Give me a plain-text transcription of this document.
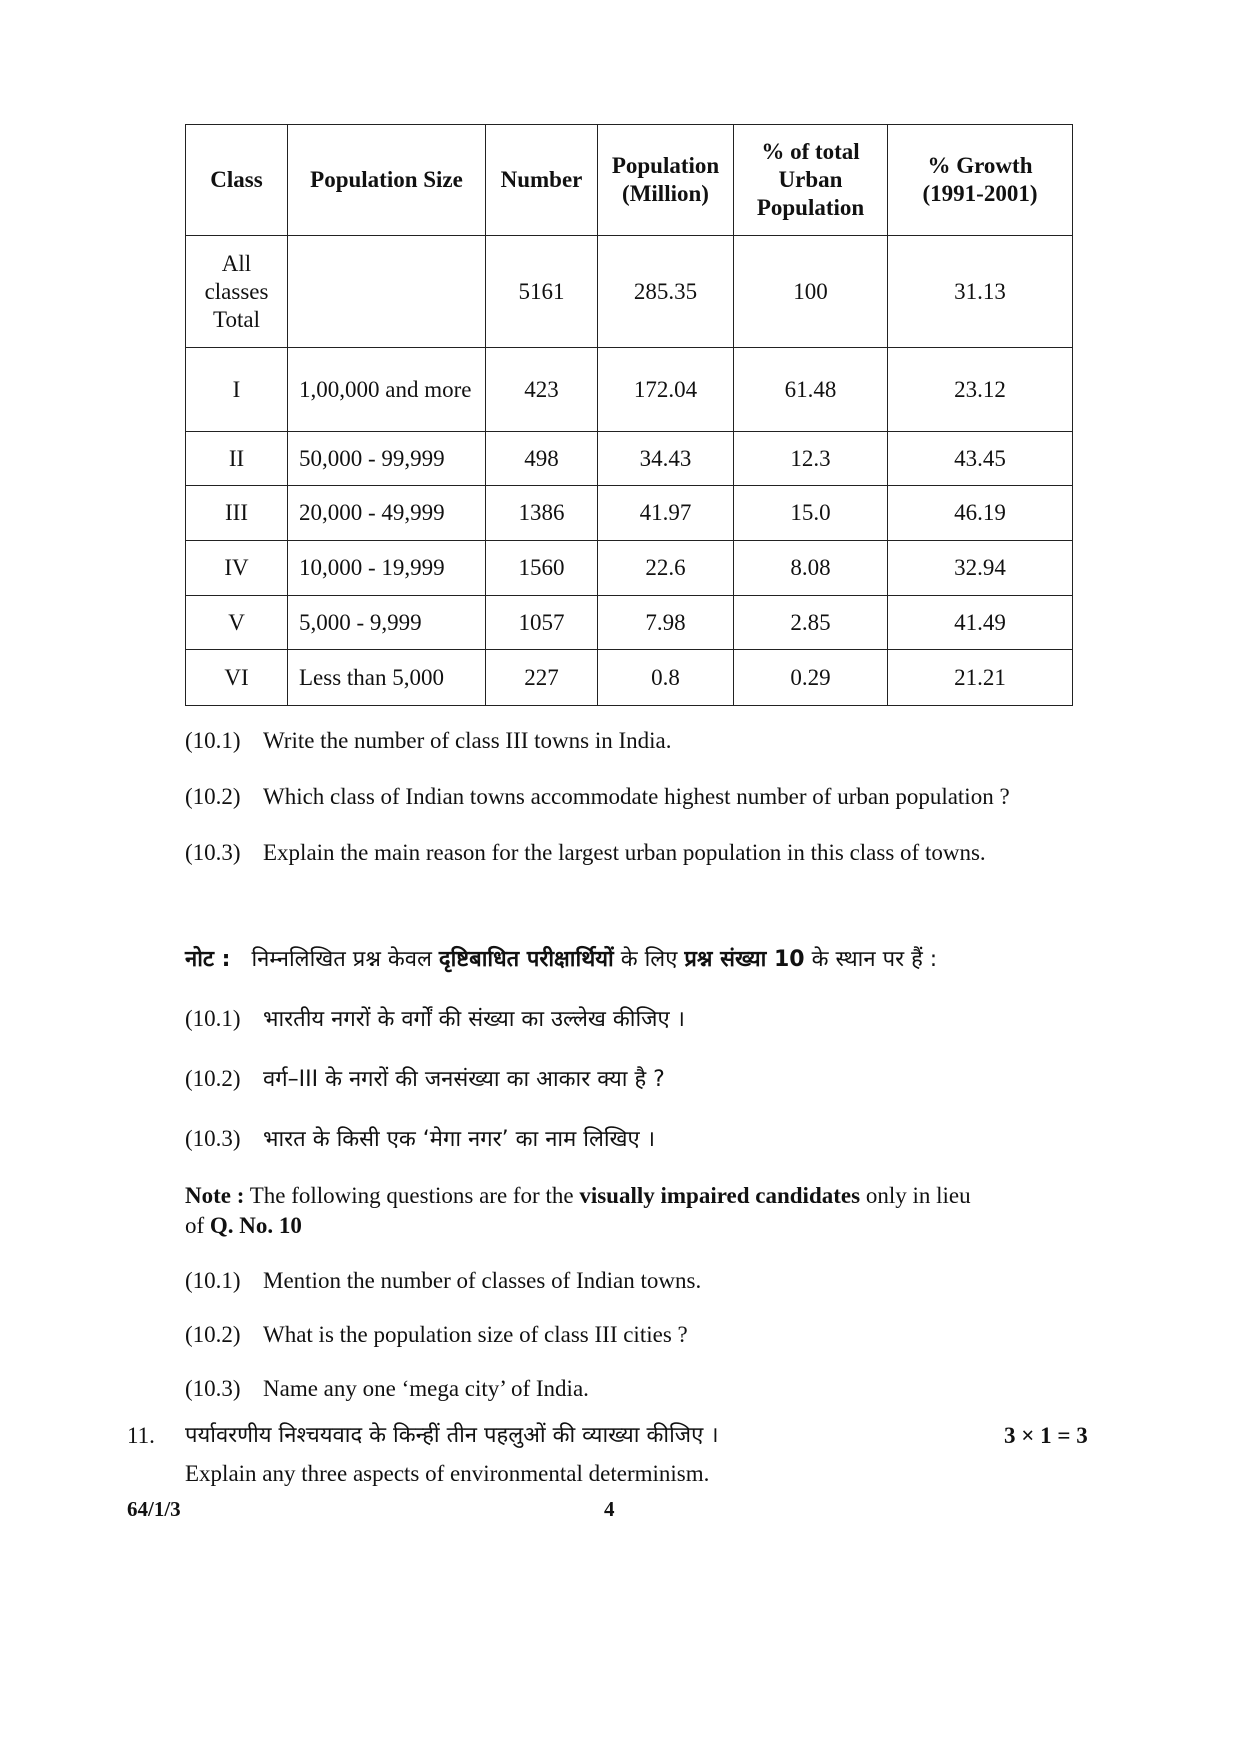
Class	Population Size	Number	Population (Million)	% of total Urban Population	% Growth (1991-2001)
All classes Total		5161	285.35	100	31.13
I	1,00,000 and more	423	172.04	61.48	23.12
II	50,000 - 99,999	498	34.43	12.3	43.45
III	20,000 - 49,999	1386	41.97	15.0	46.19
IV	10,000 - 19,999	1560	22.6	8.08	32.94
V	5,000 - 9,999	1057	7.98	2.85	41.49
VI	Less than 5,000	227	0.8	0.29	21.21
(10.1) Write the number of class III towns in India.
(10.2) Which class of Indian towns accommodate highest number of urban population ?
(10.3) Explain the main reason for the largest urban population in this class of towns.
नोट : निम्नलिखित प्रश्न केवल दृष्टिबाधित परीक्षार्थियों के लिए प्रश्न संख्या 10 के स्थान पर हैं :
(10.1) भारतीय नगरों के वर्गों की संख्या का उल्लेख कीजिए ।
(10.2) वर्ग–III के नगरों की जनसंख्या का आकार क्या है ?
(10.3) भारत के किसी एक ‘मेगा नगर’ का नाम लिखिए ।
Note : The following questions are for the visually impaired candidates only in lieu
of Q. No. 10
(10.1) Mention the number of classes of Indian towns.
(10.2) What is the population size of class III cities ?
(10.3) Name any one ‘mega city’ of India.
11. पर्यावरणीय निश्चयवाद के किन्हीं तीन पहलुओं की व्याख्या कीजिए ।	3 × 1 = 3
Explain any three aspects of environmental determinism.
64/1/3	4
